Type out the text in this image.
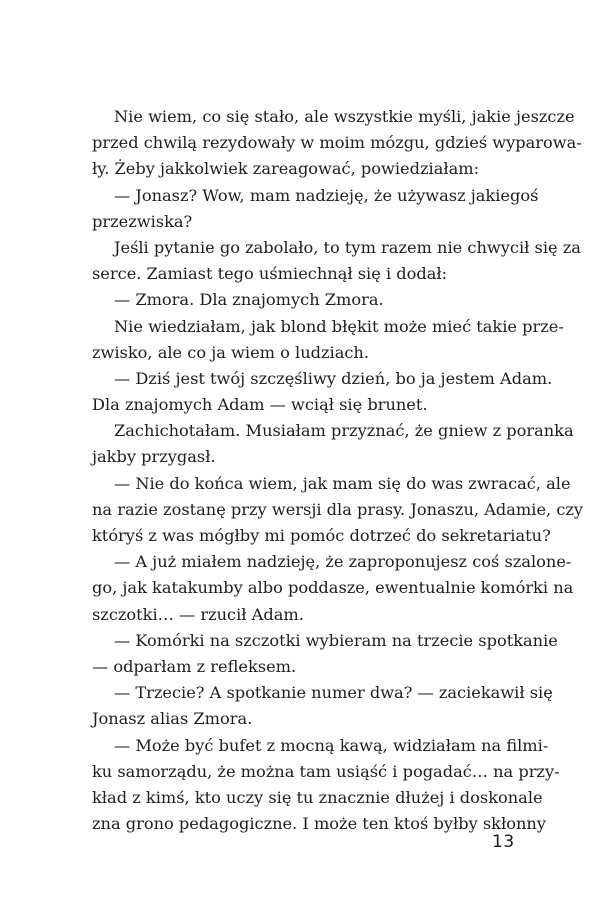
Nie wiem, co się stało, ale wszystkie myśli, jakie jeszcze
przed chwilą rezydowały w moim mózgu, gdzieś wyparowa-
ły. Żeby jakkolwiek zareagować, powiedziałam:
— Jonasz? Wow, mam nadzieję, że używasz jakiegoś
przezwiska?
Jeśli pytanie go zabolało, to tym razem nie chwycił się za
serce. Zamiast tego uśmiechnął się i dodał:
— Zmora. Dla znajomych Zmora.
Nie wiedziałam, jak blond błękit może mieć takie prze-
zwisko, ale co ja wiem o ludziach.
— Dziś jest twój szczęśliwy dzień, bo ja jestem Adam.
Dla znajomych Adam — wciął się brunet.
Zachichotałam. Musiałam przyznać, że gniew z poranka
jakby przygasł.
— Nie do końca wiem, jak mam się do was zwracać, ale
na razie zostanę przy wersji dla prasy. Jonaszu, Adamie, czy
któryś z was mógłby mi pomóc dotrzeć do sekretariatu?
— A już miałem nadzieję, że zaproponujesz coś szalone-
go, jak katakumby albo poddasze, ewentualnie komórki na
szczotki… — rzucił Adam.
— Komórki na szczotki wybieram na trzecie spotkanie
— odparłam z refleksem.
— Trzecie? A spotkanie numer dwa? — zaciekawił się
Jonasz alias Zmora.
— Może być bufet z mocną kawą, widziałam na filmi-
ku samorządu, że można tam usiąść i pogadać… na przy-
kład z kimś, kto uczy się tu znacznie dłużej i doskonale
zna grono pedagogiczne. I może ten ktoś byłby skłonny
13
